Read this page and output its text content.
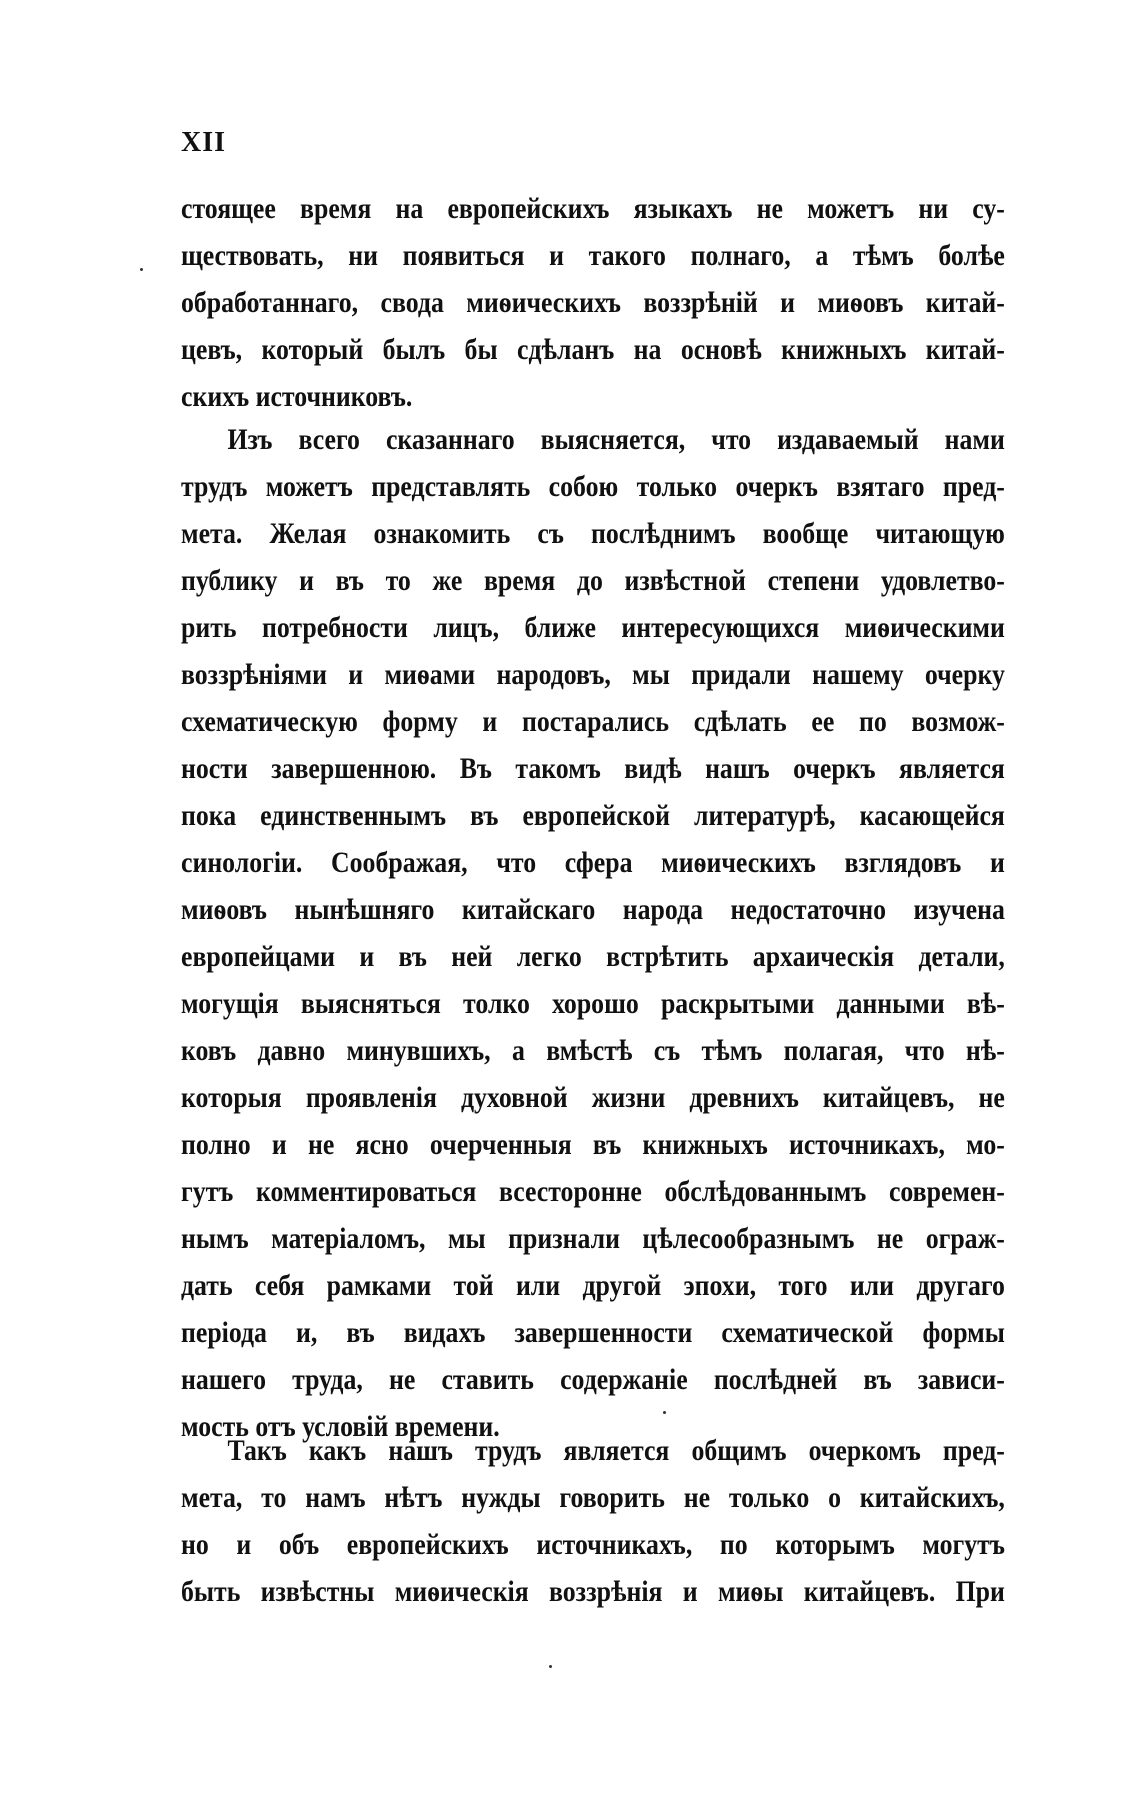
XII
стоящее время на европейскихъ языкахъ не можетъ ни су-
ществовать, ни появиться и такого полнаго, а тѣмъ болѣе
обработаннаго, свода миѳическихъ воззрѣній и миѳовъ китай-
цевъ, который былъ бы сдѣланъ на основѣ книжныхъ китай-
скихъ источниковъ.
Изъ всего сказаннаго выясняется, что издаваемый нами
трудъ можетъ представлять собою только очеркъ взятаго пред-
мета. Желая ознакомить съ послѣднимъ вообще читающую
публику и въ то же время до извѣстной степени удовлетво-
рить потребности лицъ, ближе интересующихся миѳическими
воззрѣніями и миѳами народовъ, мы придали нашему очерку
схематическую форму и постарались сдѣлать ее по возмож-
ности завершенною. Въ такомъ видѣ нашъ очеркъ является
пока единственнымъ въ европейской литературѣ, касающейся
синологіи. Соображая, что сфера миѳическихъ взглядовъ и
миѳовъ нынѣшняго китайскаго народа недостаточно изучена
европейцами и въ ней легко встрѣтить архаическія детали,
могущія выясняться толко хорошо раскрытыми данными вѣ-
ковъ давно минувшихъ, а вмѣстѣ съ тѣмъ полагая, что нѣ-
которыя проявленія духовной жизни древнихъ китайцевъ, не
полно и не ясно очерченныя въ книжныхъ источникахъ, мо-
гутъ комментироваться всесторонне обслѣдованнымъ современ-
нымъ матеріаломъ, мы признали цѣлесообразнымъ не ограж-
дать себя рамками той или другой эпохи, того или другаго
періода и, въ видахъ завершенности схематической формы
нашего труда, не ставить содержаніе послѣдней въ зависи-
мость отъ условій времени.
Такъ какъ нашъ трудъ является общимъ очеркомъ пред-
мета, то намъ нѣтъ нужды говорить не только о китайскихъ,
но и объ европейскихъ источникахъ, по которымъ могутъ
быть извѣстны миѳическія воззрѣнія и миѳы китайцевъ. При
